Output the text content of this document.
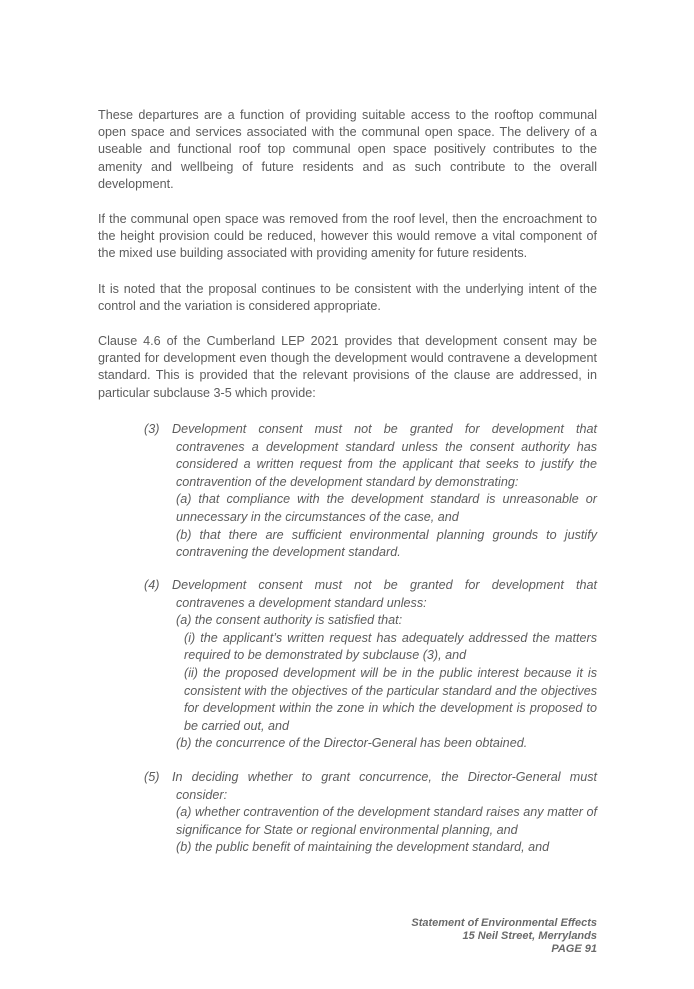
These departures are a function of providing suitable access to the rooftop communal open space and services associated with the communal open space. The delivery of a useable and functional roof top communal open space positively contributes to the amenity and wellbeing of future residents and as such contribute to the overall development.

If the communal open space was removed from the roof level, then the encroachment to the height provision could be reduced, however this would remove a vital component of the mixed use building associated with providing amenity for future residents.

It is noted that the proposal continues to be consistent with the underlying intent of the control and the variation is considered appropriate.

Clause 4.6 of the Cumberland LEP 2021 provides that development consent may be granted for development even though the development would contravene a development standard. This is provided that the relevant provisions of the clause are addressed, in particular subclause 3-5 which provide:

(3) Development consent must not be granted for development that contravenes a development standard unless the consent authority has considered a written request from the applicant that seeks to justify the contravention of the development standard by demonstrating:
(a) that compliance with the development standard is unreasonable or unnecessary in the circumstances of the case, and
(b) that there are sufficient environmental planning grounds to justify contravening the development standard.
(4) Development consent must not be granted for development that contravenes a development standard unless:
(a) the consent authority is satisfied that:
(i) the applicant’s written request has adequately addressed the matters required to be demonstrated by subclause (3), and
(ii) the proposed development will be in the public interest because it is consistent with the objectives of the particular standard and the objectives for development within the zone in which the development is proposed to be carried out, and
(b) the concurrence of the Director-General has been obtained.
(5) In deciding whether to grant concurrence, the Director-General must consider:
(a) whether contravention of the development standard raises any matter of significance for State or regional environmental planning, and
(b) the public benefit of maintaining the development standard, and
Statement of Environmental Effects
15 Neil Street, Merrylands
PAGE 91
